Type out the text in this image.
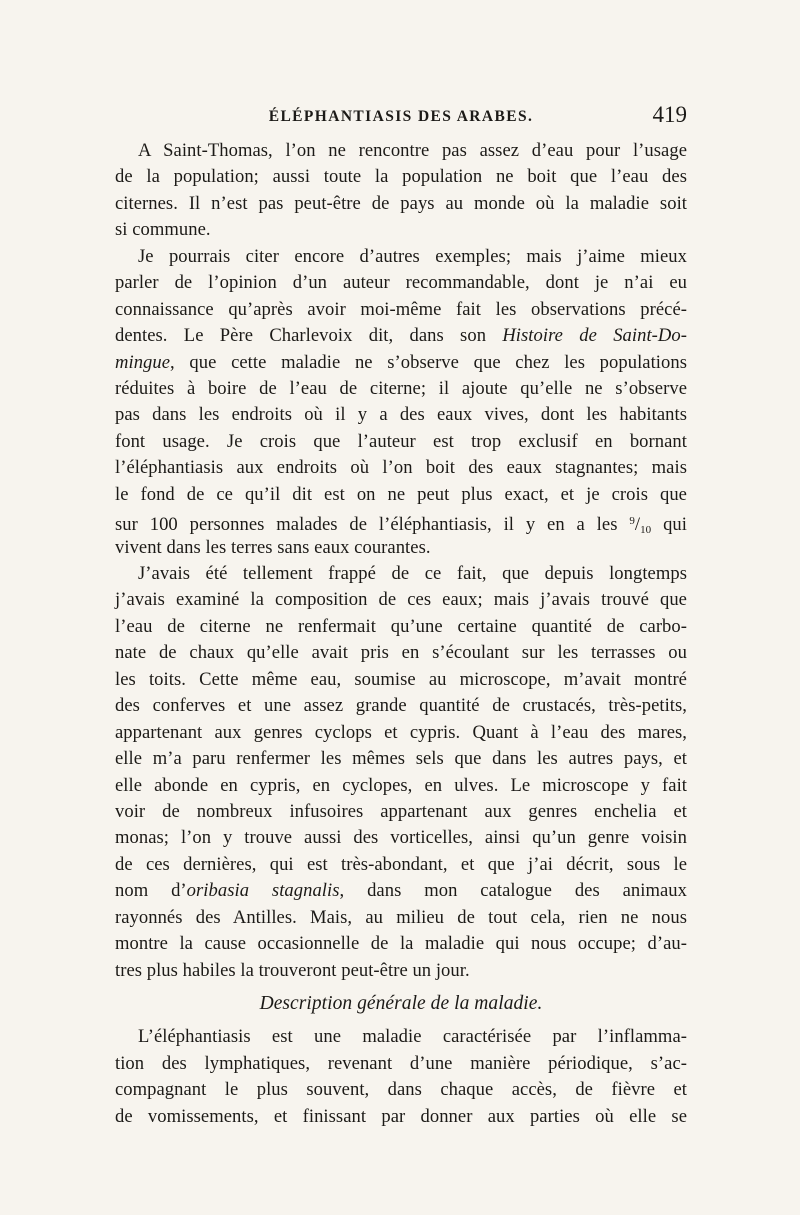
ÉLÉPHANTIASIS DES ARABES.	419
A Saint-Thomas, l’on ne rencontre pas assez d’eau pour l’usage
de la population; aussi toute la population ne boit que l’eau des
citernes. Il n’est pas peut-être de pays au monde où la maladie soit
si commune.
Je pourrais citer encore d’autres exemples; mais j’aime mieux
parler de l’opinion d’un auteur recommandable, dont je n’ai eu
connaissance qu’après avoir moi-même fait les observations précé-
dentes. Le Père Charlevoix dit, dans son Histoire de Saint-Do-
mingue, que cette maladie ne s’observe que chez les populations
réduites à boire de l’eau de citerne; il ajoute qu’elle ne s’observe
pas dans les endroits où il y a des eaux vives, dont les habitants
font usage. Je crois que l’auteur est trop exclusif en bornant
l’éléphantiasis aux endroits où l’on boit des eaux stagnantes; mais
le fond de ce qu’il dit est on ne peut plus exact, et je crois que
sur 100 personnes malades de l’éléphantiasis, il y en a les $^9/_{10}$ qui
vivent dans les terres sans eaux courantes.
J’avais été tellement frappé de ce fait, que depuis longtemps
j’avais examiné la composition de ces eaux; mais j’avais trouvé que
l’eau de citerne ne renfermait qu’une certaine quantité de carbo-
nate de chaux qu’elle avait pris en s’écoulant sur les terrasses ou
les toits. Cette même eau, soumise au microscope, m’avait montré
des conferves et une assez grande quantité de crustacés, très-petits,
appartenant aux genres cyclops et cypris. Quant à l’eau des mares,
elle m’a paru renfermer les mêmes sels que dans les autres pays, et
elle abonde en cypris, en cyclopes, en ulves. Le microscope y fait
voir de nombreux infusoires appartenant aux genres enchelia et
monas; l’on y trouve aussi des vorticelles, ainsi qu’un genre voisin
de ces dernières, qui est très-abondant, et que j’ai décrit, sous le
nom d’oribasia stagnalis, dans mon catalogue des animaux
rayonnés des Antilles. Mais, au milieu de tout cela, rien ne nous
montre la cause occasionnelle de la maladie qui nous occupe; d’au-
tres plus habiles la trouveront peut-être un jour.
Description générale de la maladie.
L’éléphantiasis est une maladie caractérisée par l’inflamma-
tion des lymphatiques, revenant d’une manière périodique, s’ac-
compagnant le plus souvent, dans chaque accès, de fièvre et
de vomissements, et finissant par donner aux parties où elle se
